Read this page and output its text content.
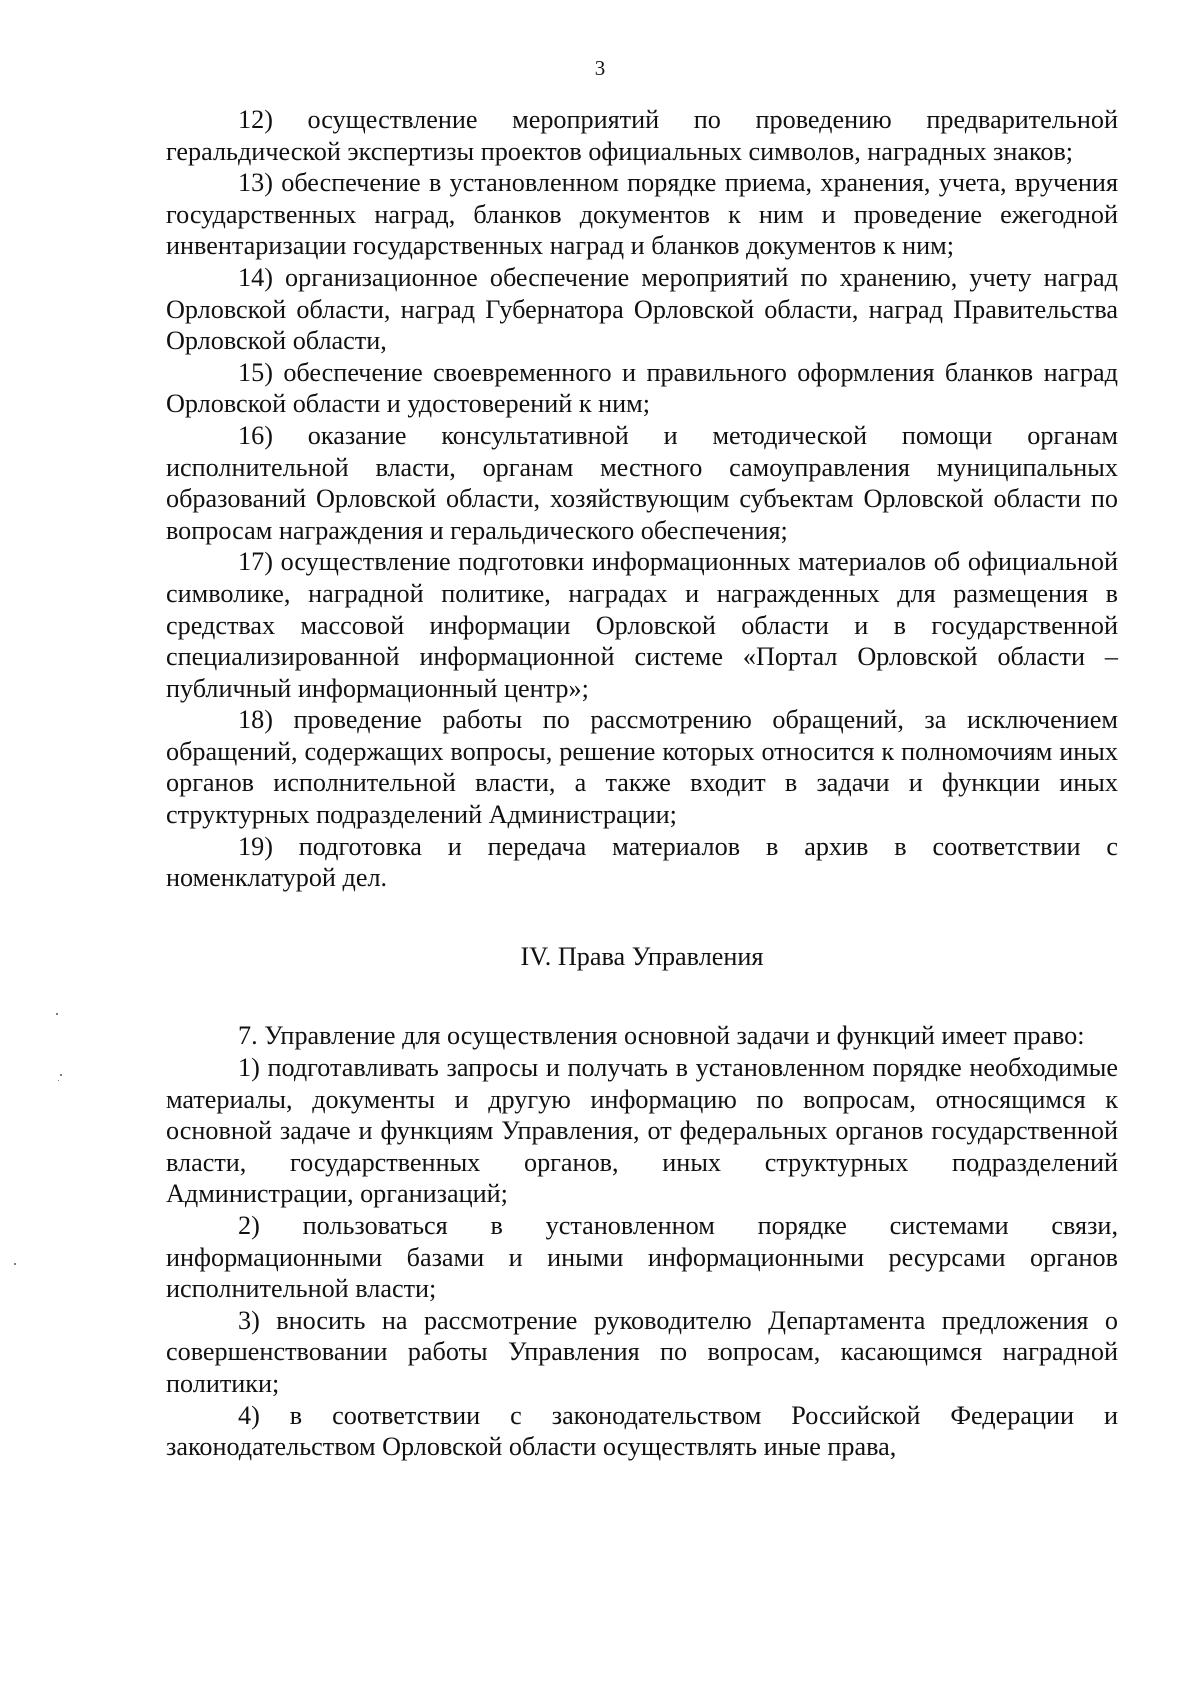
3

12) осуществление мероприятий по проведению предварительной геральдической экспертизы проектов официальных символов, наградных знаков;

13) обеспечение в установленном порядке приема, хранения, учета, вручения государственных наград, бланков документов к ним и проведение ежегодной инвентаризации государственных наград и бланков документов к ним;

14) организационное обеспечение мероприятий по хранению, учету наград Орловской области, наград Губернатора Орловской области, наград Правительства Орловской области,

15) обеспечение своевременного и правильного оформления бланков наград Орловской области и удостоверений к ним;

16) оказание консультативной и методической помощи органам исполнительной власти, органам местного самоуправления муниципальных образований Орловской области, хозяйствующим субъектам Орловской области по вопросам награждения и геральдического обеспечения;

17) осуществление подготовки информационных материалов об официальной символике, наградной политике, наградах и награжденных для размещения в средствах массовой информации Орловской области и в государственной специализированной информационной системе «Портал Орловской области – публичный информационный центр»;

18) проведение работы по рассмотрению обращений, за исключением обращений, содержащих вопросы, решение которых относится к полномочиям иных органов исполнительной власти, а также входит в задачи и функции иных структурных подразделений Администрации;

19) подготовка и передача материалов в архив в соответствии с номенклатурой дел.

IV. Права Управления

7. Управление для осуществления основной задачи и функций имеет право:

1) подготавливать запросы и получать в установленном порядке необходимые материалы, документы и другую информацию по вопросам, относящимся к основной задаче и функциям Управления, от федеральных органов государственной власти, государственных органов, иных структурных подразделений Администрации, организаций;

2) пользоваться в установленном порядке системами связи, информационными базами и иными информационными ресурсами органов исполнительной власти;

3) вносить на рассмотрение руководителю Департамента предложения о совершенствовании работы Управления по вопросам, касающимся наградной политики;

4) в соответствии с законодательством Российской Федерации и законодательством Орловской области осуществлять иные права,
